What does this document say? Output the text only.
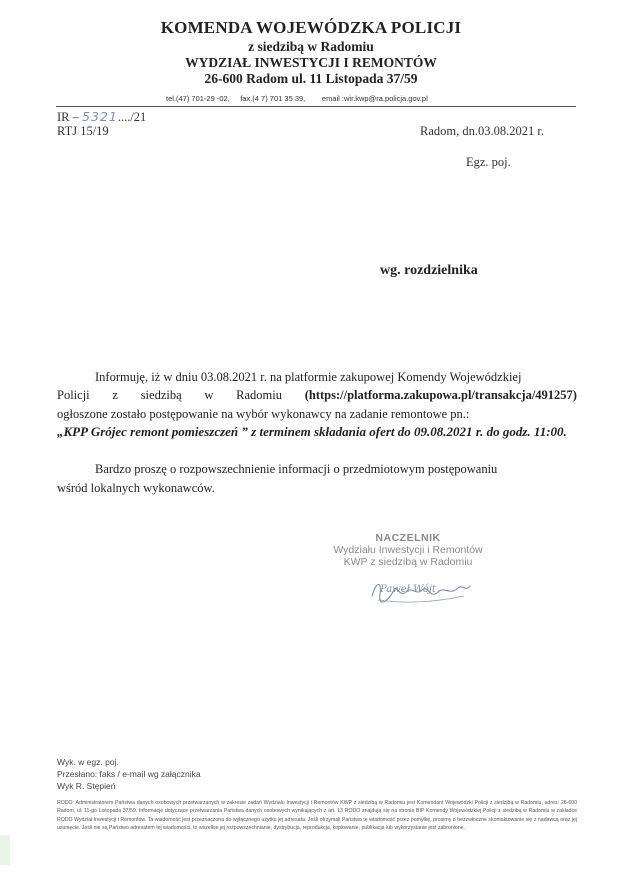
KOMENDA WOJEWÓDZKA POLICJI
z siedzibą w Radomiu
WYDZIAŁ INWESTYCJI I REMONTÓW
26-600 Radom ul. 11 Listopada 37/59
tel.(47) 701-29 -02,     fax.(4 7) 701 35 39,        email :wir.kwp@ra.policja.gov.pl
IR – 5321..../21
RTJ 15/19	Radom, dn.03.08.2021 r.
Egz. poj.
wg. rozdzielnika
Informuję, iż w dniu 03.08.2021 r. na platformie zakupowej Komendy Wojewódzkiej
Policji z siedzibą w Radomiu (https://platforma.zakupowa.pl/transakcja/491257)
ogłoszone zostało postępowanie na wybór wykonawcy na zadanie remontowe pn.:
„KPP Grójec remont pomieszczeń ” z terminem składania ofert do 09.08.2021 r. do godz. 11:00.
Bardzo proszę o rozpowszechnienie informacji o przedmiotowym postępowaniu
wśród lokalnych wykonawców.
NACZELNIK
Wydziału Inwestycji i Remontów
KWP z siedzibą w Radomiu
Paweł Wójt
Wyk. w egz. poj.
Przesłano: faks / e-mail wg załącznika
Wyk R. Stępień
RODO: Administratorem Państwa danych osobowych przetwarzanych w zakresie zadań Wydziału Inwestycji i Remontów KWP z siedzibą w Radomiu jest Komendant Wojewódzki Policji z siedzibą w Radomiu, adres: 26-600 Radom, ul. 11-go Listopada 37/59. Informacje dotyczące przetwarzania Państwa danych osobowych wynikających z art. 13 RODO znajdują się na stronie BIP Komendy Wojewódzkiej Policji z siedzibą w Radomiu w zakładce RODO Wydział Inwestycji i Remontów. Ta wiadomość jest przeznaczona do wyłącznego użytku jej adresata. Jeśli otrzymali Państwo tę wiadomość przez pomyłkę, prosimy o bezzwłoczne skontaktowanie się z nadawcą oraz jej usunięcie. Jeśli nie są Państwo adresatem tej wiadomości, to wszelkie jej rozpowszechnianie, dystrybucja, reprodukcja, kopiowanie, publikacja lub wykorzystanie jest zabronione.
